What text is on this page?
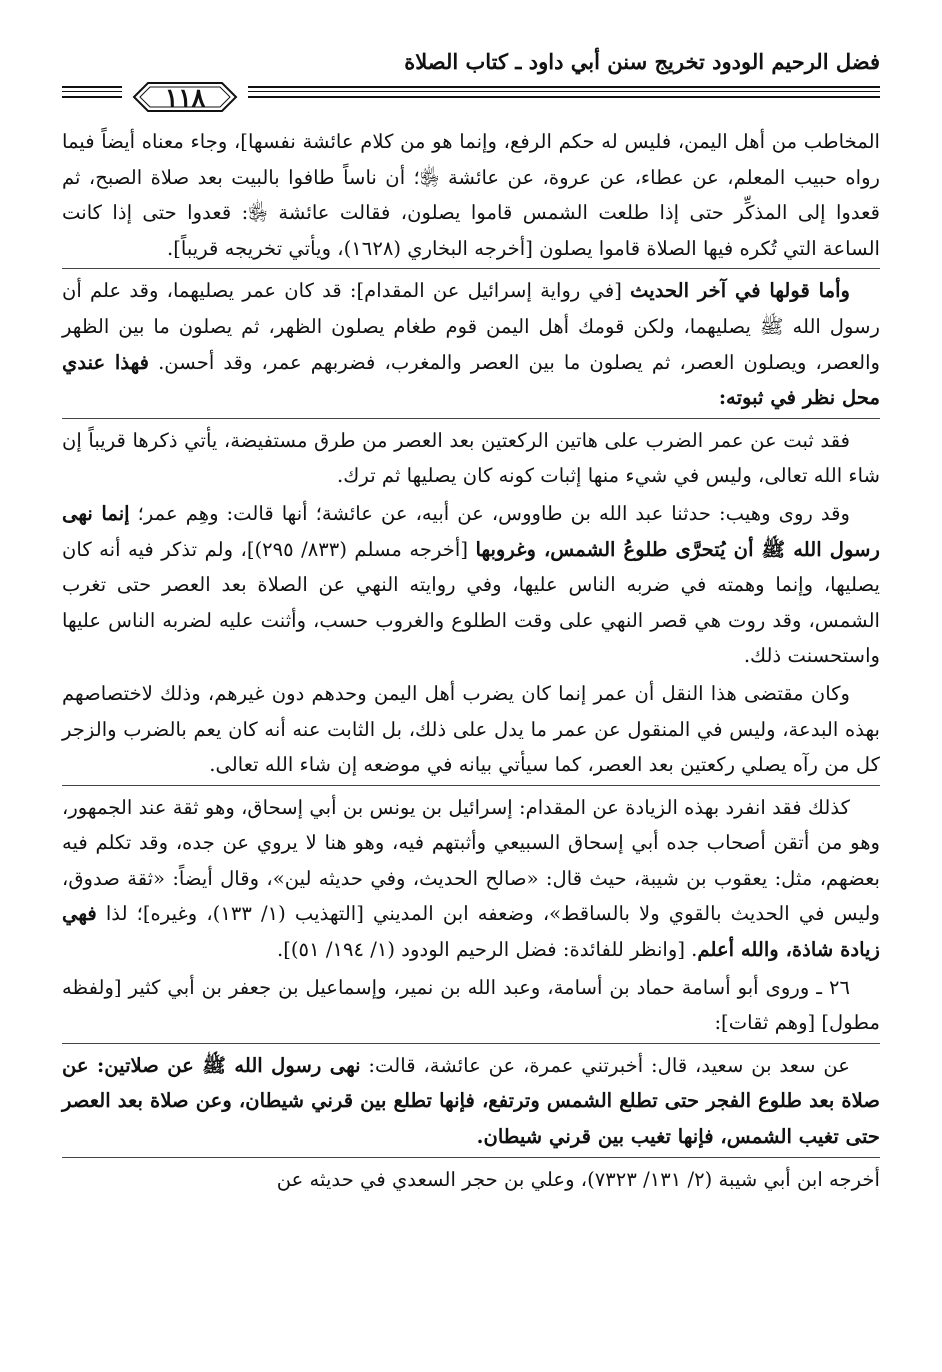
فضل الرحيم الودود تخريج سنن أبي داود ـ كتاب الصلاة
١١٨

المخاطب من أهل اليمن، فليس له حكم الرفع، وإنما هو من كلام عائشة نفسها]، وجاء معناه أيضاً فيما رواه حبيب المعلم، عن عطاء، عن عروة، عن عائشة ﵂؛ أن ناساً طافوا بالبيت بعد صلاة الصبح، ثم قعدوا إلى المذكِّر حتى إذا طلعت الشمس قاموا يصلون، فقالت عائشة ﵂: قعدوا حتى إذا كانت الساعة التي تُكره فيها الصلاة قاموا يصلون [أخرجه البخاري (١٦٢٨)، ويأتي تخريجه قريباً].

وأما قولها في آخر الحديث [في رواية إسرائيل عن المقدام]: قد كان عمر يصليهما، وقد علم أن رسول الله ﷺ يصليهما، ولكن قومك أهل اليمن قوم طغام يصلون الظهر، ثم يصلون ما بين الظهر والعصر، ويصلون العصر، ثم يصلون ما بين العصر والمغرب، فضربهم عمر، وقد أحسن. فهذا عندي محل نظر في ثبوته:

فقد ثبت عن عمر الضرب على هاتين الركعتين بعد العصر من طرق مستفيضة، يأتي ذكرها قريباً إن شاء الله تعالى، وليس في شيء منها إثبات كونه كان يصليها ثم ترك.

وقد روى وهيب: حدثنا عبد الله بن طاووس، عن أبيه، عن عائشة؛ أنها قالت: وهِم عمر؛ إنما نهى رسول الله ﷺ أن يُتحرَّى طلوعُ الشمس، وغروبها [أخرجه مسلم (٨٣٣/ ٢٩٥)]، ولم تذكر فيه أنه كان يصليها، وإنما وهمته في ضربه الناس عليها، وفي روايته النهي عن الصلاة بعد العصر حتى تغرب الشمس، وقد روت هي قصر النهي على وقت الطلوع والغروب حسب، وأثنت عليه لضربه الناس عليها واستحسنت ذلك.

وكان مقتضى هذا النقل أن عمر إنما كان يضرب أهل اليمن وحدهم دون غيرهم، وذلك لاختصاصهم بهذه البدعة، وليس في المنقول عن عمر ما يدل على ذلك، بل الثابت عنه أنه كان يعم بالضرب والزجر كل من رآه يصلي ركعتين بعد العصر، كما سيأتي بيانه في موضعه إن شاء الله تعالى.

كذلك فقد انفرد بهذه الزيادة عن المقدام: إسرائيل بن يونس بن أبي إسحاق، وهو ثقة عند الجمهور، وهو من أتقن أصحاب جده أبي إسحاق السبيعي وأثبتهم فيه، وهو هنا لا يروي عن جده، وقد تكلم فيه بعضهم، مثل: يعقوب بن شيبة، حيث قال: «صالح الحديث، وفي حديثه لين»، وقال أيضاً: «ثقة صدوق، وليس في الحديث بالقوي ولا بالساقط»، وضعفه ابن المديني [التهذيب (١/ ١٣٣)، وغيره]؛ لذا فهي زيادة شاذة، والله أعلم. [وانظر للفائدة: فضل الرحيم الودود (١/ ١٩٤/ ٥١)].

٢٦ ـ وروى أبو أسامة حماد بن أسامة، وعبد الله بن نمير، وإسماعيل بن جعفر بن أبي كثير [ولفظه مطول] [وهم ثقات]:

عن سعد بن سعيد، قال: أخبرتني عمرة، عن عائشة، قالت: نهى رسول الله ﷺ عن صلاتين: عن صلاة بعد طلوع الفجر حتى تطلع الشمس وترتفع، فإنها تطلع بين قرني شيطان، وعن صلاة بعد العصر حتى تغيب الشمس، فإنها تغيب بين قرني شيطان.

أخرجه ابن أبي شيبة (٢/ ١٣١/ ٧٣٢٣)، وعلي بن حجر السعدي في حديثه عن
